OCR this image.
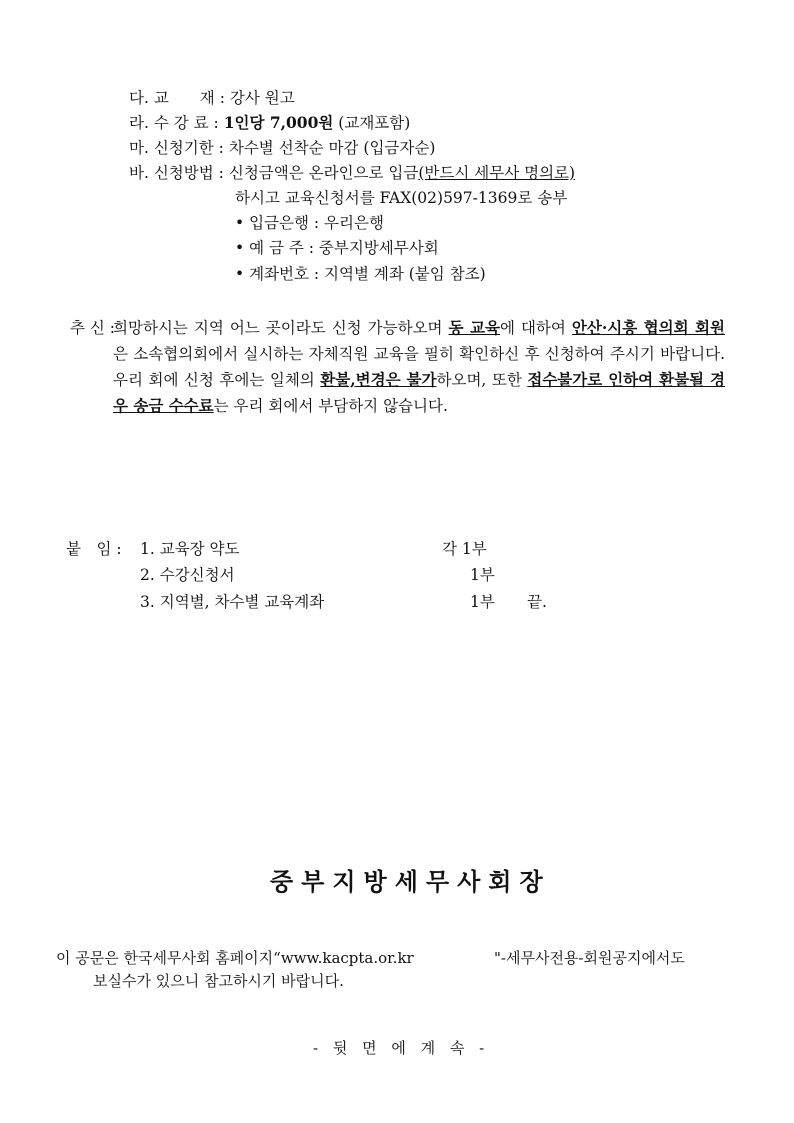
다. 교　　재 : 강사 원고
라. 수 강 료 : 1인당 7,000원 (교재포함)
마. 신청기한 : 차수별 선착순 마감 (입금자순)
바. 신청방법 : 신청금액은 온라인으로 입금(반드시 세무사 명의로)
하시고 교육신청서를 FAX(02)597-1369로 송부
• 입금은행 : 우리은행
• 예 금 주 : 중부지방세무사회
• 계좌번호 : 지역별 계좌 (붙임 참조)
추 신 :
희망하시는 지역 어느 곳이라도 신청 가능하오며 동 교육에 대하여 안산·시흥 협의회 회원은 소속협의회에서 실시하는 자체직원 교육을 필히 확인하신 후 신청하여 주시기 바랍니다. 우리 회에 신청 후에는 일체의 환불,변경은 불가하오며, 또한 접수불가로 인하여 환불될 경우 송금 수수료는 우리 회에서 부담하지 않습니다.
붙　임 : 1. 교육장 약도	각 1부
2. 수강신청서	1부
3. 지역별, 차수별 교육계좌	1부 끝.
중부지방세무사회장
이 공문은 한국세무사회 홈페이지“www.kacpta.or.kr	"-세무사전용-회원공지에서도
보실수가 있으니 참고하시기 바랍니다.
- 뒷 면 에 계 속 -
